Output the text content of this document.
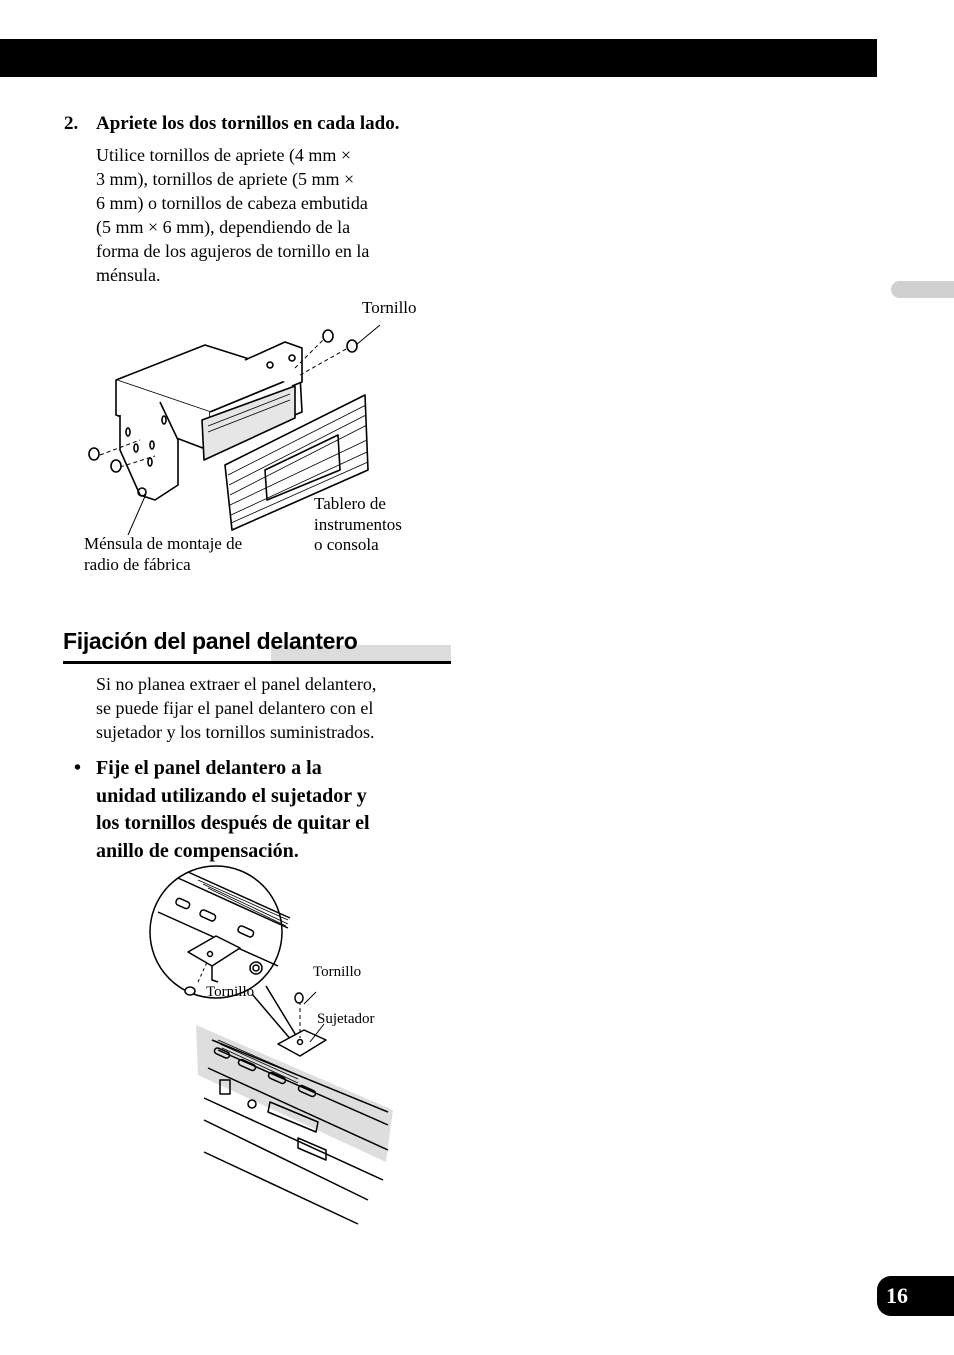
2. Apriete los dos tornillos en cada lado.
Utilice tornillos de apriete (4 mm ×
3 mm), tornillos de apriete (5 mm ×
6 mm) o tornillos de cabeza embutida
(5 mm × 6 mm), dependiendo de la
forma de los agujeros de tornillo en la
ménsula.
Tornillo
Tablero de
instrumentos
o consola
Ménsula de montaje de
radio de fábrica
Fijación del panel delantero
Si no planea extraer el panel delantero,
se puede fijar el panel delantero con el
sujetador y los tornillos suministrados.
• Fije el panel delantero a la
unidad utilizando el sujetador y
los tornillos después de quitar el
anillo de compensación.
Tornillo
Tornillo
Sujetador
16
